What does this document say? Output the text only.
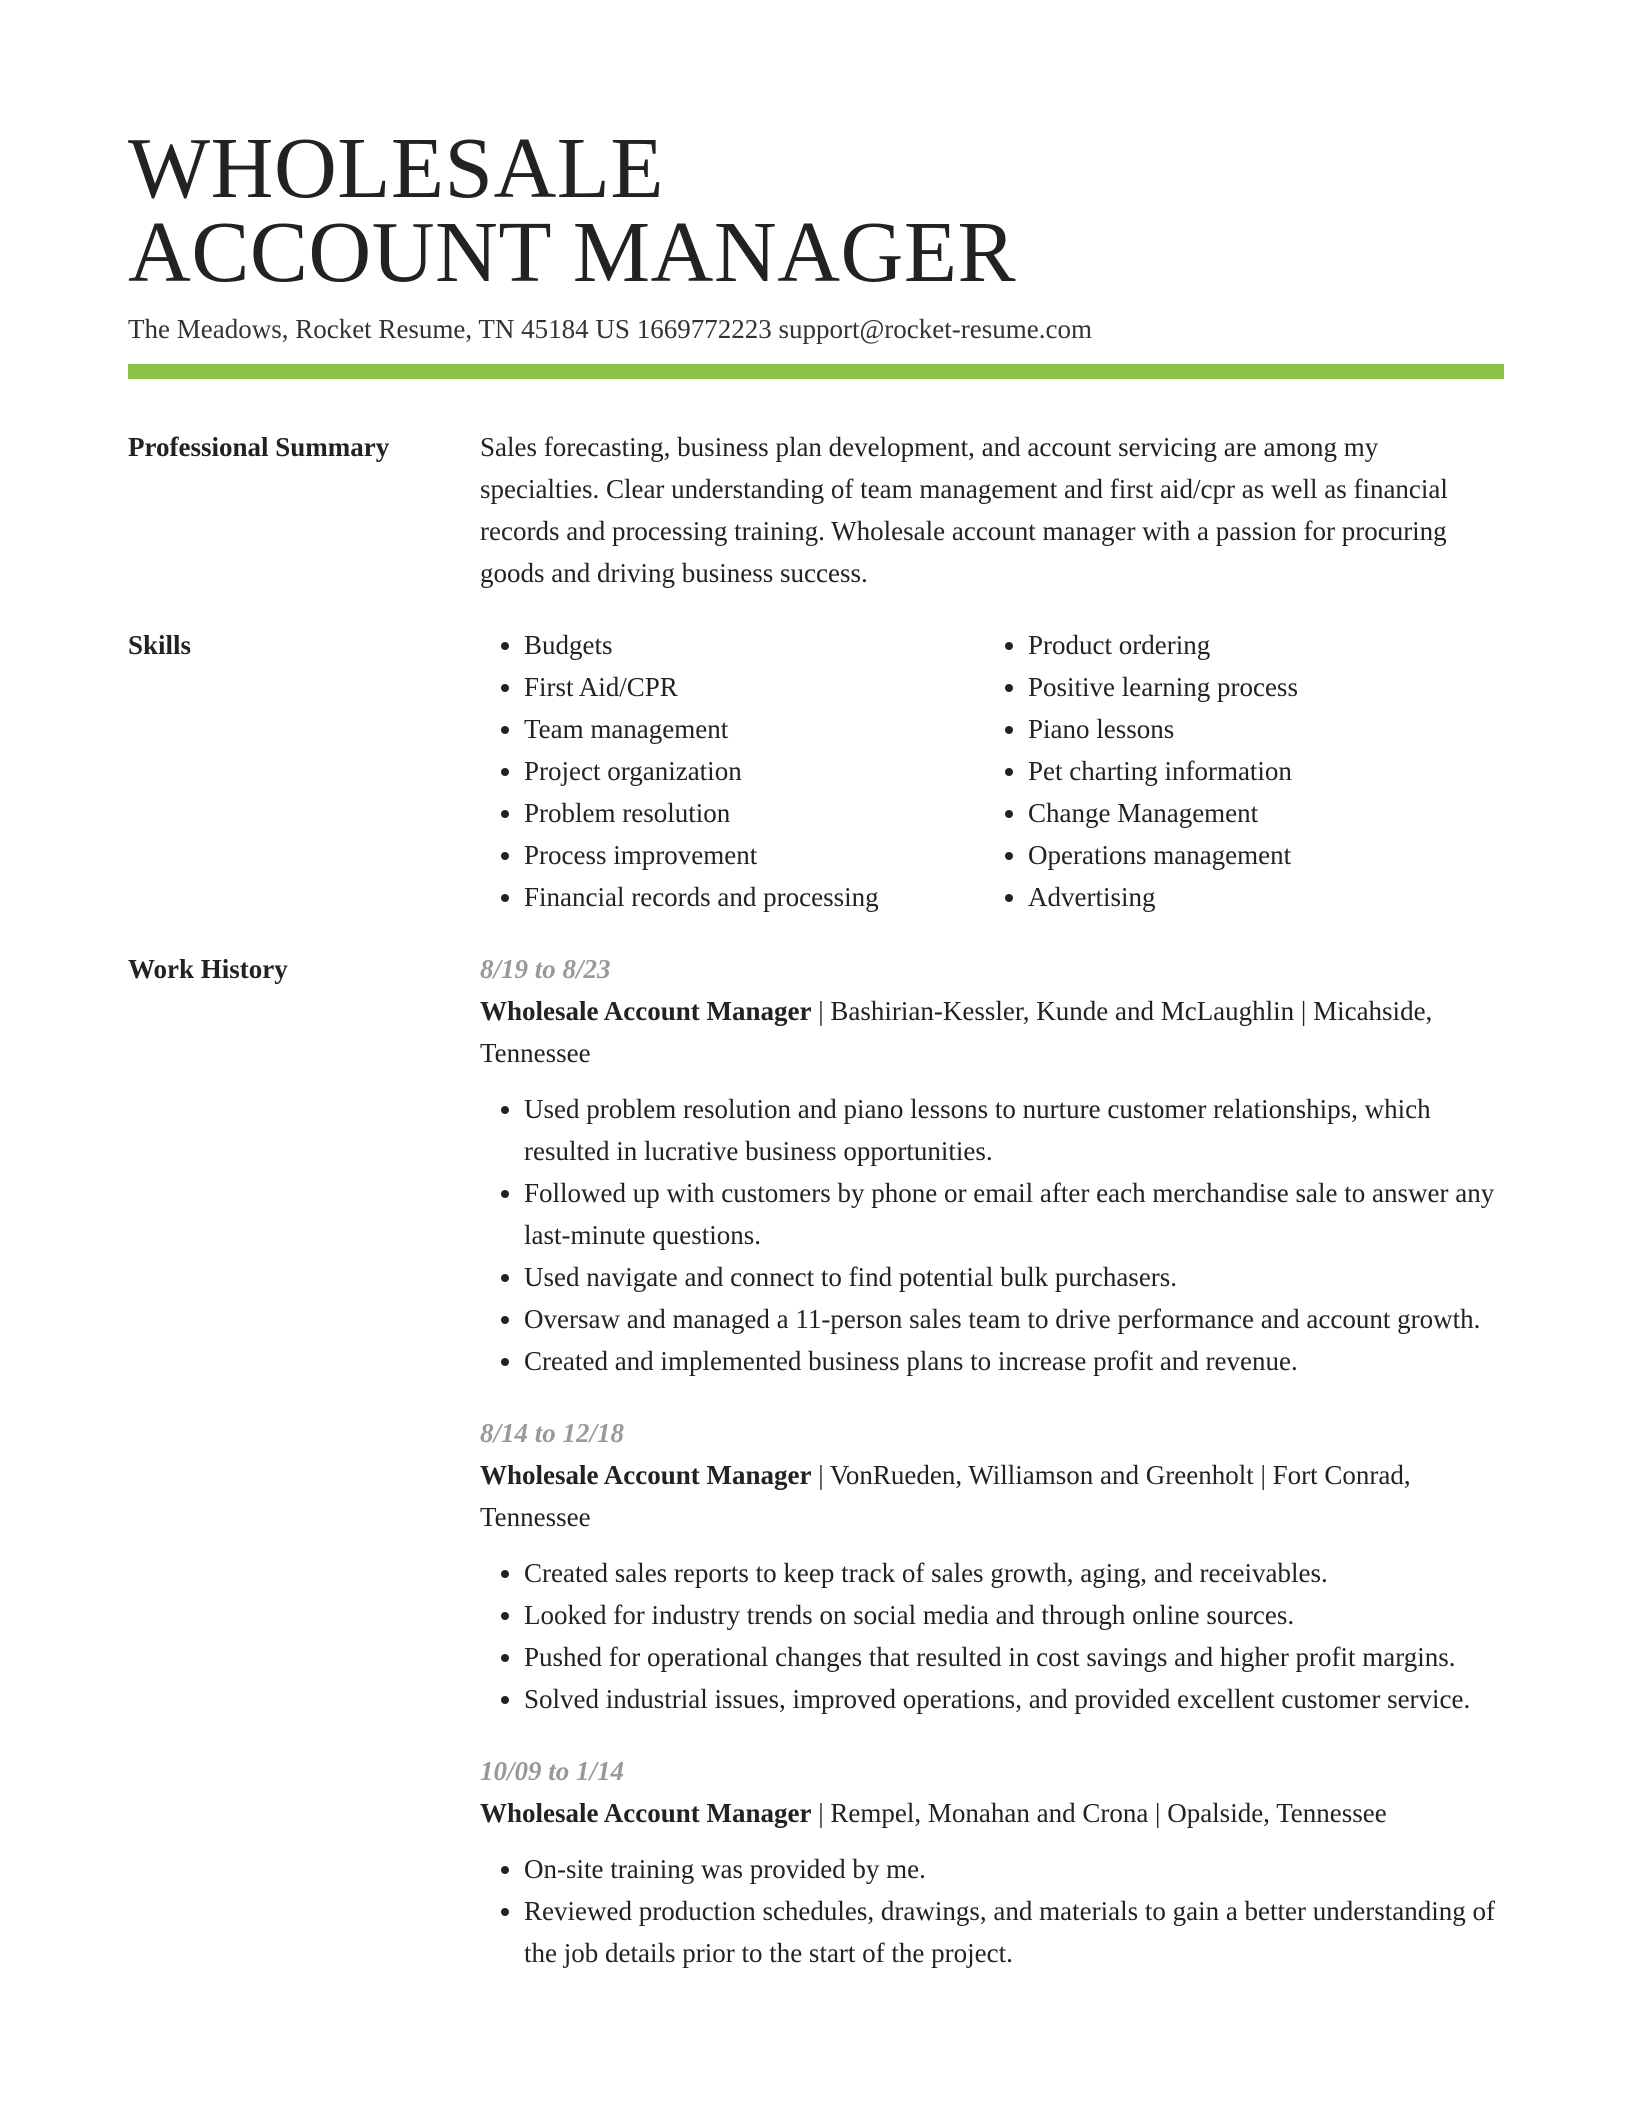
WHOLESALE
ACCOUNT MANAGER
The Meadows, Rocket Resume, TN 45184 US 1669772223 support@rocket-resume.com
Professional Summary	Sales forecasting, business plan development, and account servicing are among my specialties. Clear understanding of team management and first aid/cpr as well as financial records and processing training. Wholesale account manager with a passion for procuring goods and driving business success.
Skills
•	Budgets
• First Aid/CPR
• Team management
• Project organization
• Problem resolution
• Process improvement
• Financial records and processing
• Product ordering
• Positive learning process
• Piano lessons
• Pet charting information
• Change Management
• Operations management
• Advertising
Work History	8/19 to 8/23
Wholesale Account Manager | Bashirian-Kessler, Kunde and McLaughlin | Micahside, Tennessee
• Used problem resolution and piano lessons to nurture customer relationships, which resulted in lucrative business opportunities.
• Followed up with customers by phone or email after each merchandise sale to answer any last-minute questions.
• Used navigate and connect to find potential bulk purchasers.
• Oversaw and managed a 11-person sales team to drive performance and account growth.
• Created and implemented business plans to increase profit and revenue.
8/14 to 12/18
Wholesale Account Manager | VonRueden, Williamson and Greenholt | Fort Conrad, Tennessee
• Created sales reports to keep track of sales growth, aging, and receivables.
• Looked for industry trends on social media and through online sources.
• Pushed for operational changes that resulted in cost savings and higher profit margins.
• Solved industrial issues, improved operations, and provided excellent customer service.
10/09 to 1/14
Wholesale Account Manager | Rempel, Monahan and Crona | Opalside, Tennessee
• On-site training was provided by me.
• Reviewed production schedules, drawings, and materials to gain a better understanding of the job details prior to the start of the project.
